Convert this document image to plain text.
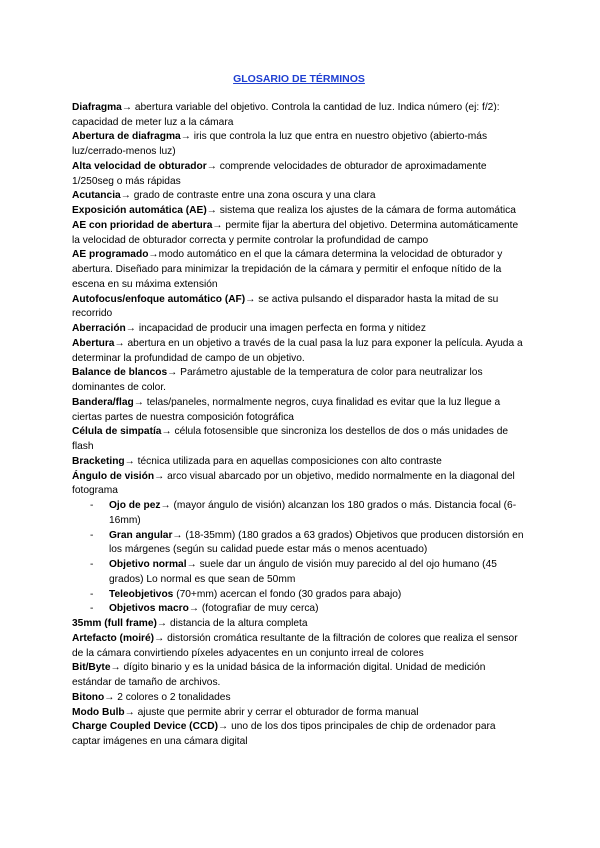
GLOSARIO DE TÉRMINOS

Diafragma→ abertura variable del objetivo. Controla la cantidad de luz. Indica número (ej: f/2): capacidad de meter luz a la cámara

Abertura de diafragma→ iris que controla la luz que entra en nuestro objetivo (abierto-más luz/cerrado-menos luz)

Alta velocidad de obturador→ comprende velocidades de obturador de aproximadamente 1/250seg o más rápidas

Acutancia→ grado de contraste entre una zona oscura y una clara

Exposición automática (AE)→ sistema que realiza los ajustes de la cámara de forma automática

AE con prioridad de abertura→ permite fijar la abertura del objetivo. Determina automáticamente la velocidad de obturador correcta y permite controlar la profundidad de campo

AE programado→modo automático en el que la cámara determina la velocidad de obturador y abertura. Diseñado para minimizar la trepidación de la cámara y permitir el enfoque nítido de la escena en su máxima extensión

Autofocus/enfoque automático (AF)→ se activa pulsando el disparador hasta la mitad de su recorrido

Aberración→ incapacidad de producir una imagen perfecta en forma y nitidez

Abertura→ abertura en un objetivo a través de la cual pasa la luz para exponer la película. Ayuda a determinar la profundidad de campo de un objetivo.

Balance de blancos→ Parámetro ajustable de la temperatura de color para neutralizar los dominantes de color.

Bandera/flag→ telas/paneles, normalmente negros, cuya finalidad es evitar que la luz llegue a ciertas partes de nuestra composición fotográfica

Célula de simpatía→ célula fotosensible que sincroniza los destellos de dos o más unidades de flash

Bracketing→ técnica utilizada para en aquellas composiciones con alto contraste

Ángulo de visión→ arco visual abarcado por un objetivo, medido normalmente en la diagonal del fotograma

- Ojo de pez→ (mayor ángulo de visión) alcanzan los 180 grados o más. Distancia focal (6-16mm)
- Gran angular→ (18-35mm) (180 grados a 63 grados) Objetivos que producen distorsión en los márgenes (según su calidad puede estar más o menos acentuado)
- Objetivo normal→ suele dar un ángulo de visión muy parecido al del ojo humano (45 grados) Lo normal es que sean de 50mm
- Teleobjetivos (70+mm) acercan el fondo (30 grados para abajo)
- Objetivos macro→ (fotografiar de muy cerca)

35mm (full frame)→ distancia de la altura completa

Artefacto (moiré)→ distorsión cromática resultante de la filtración de colores que realiza el sensor de la cámara convirtiendo píxeles adyacentes en un conjunto irreal de colores

Bit/Byte→ dígito binario y es la unidad básica de la información digital. Unidad de medición estándar de tamaño de archivos.

Bitono→ 2 colores o 2 tonalidades

Modo Bulb→ ajuste que permite abrir y cerrar el obturador de forma manual

Charge Coupled Device (CCD)→ uno de los dos tipos principales de chip de ordenador para captar imágenes en una cámara digital
